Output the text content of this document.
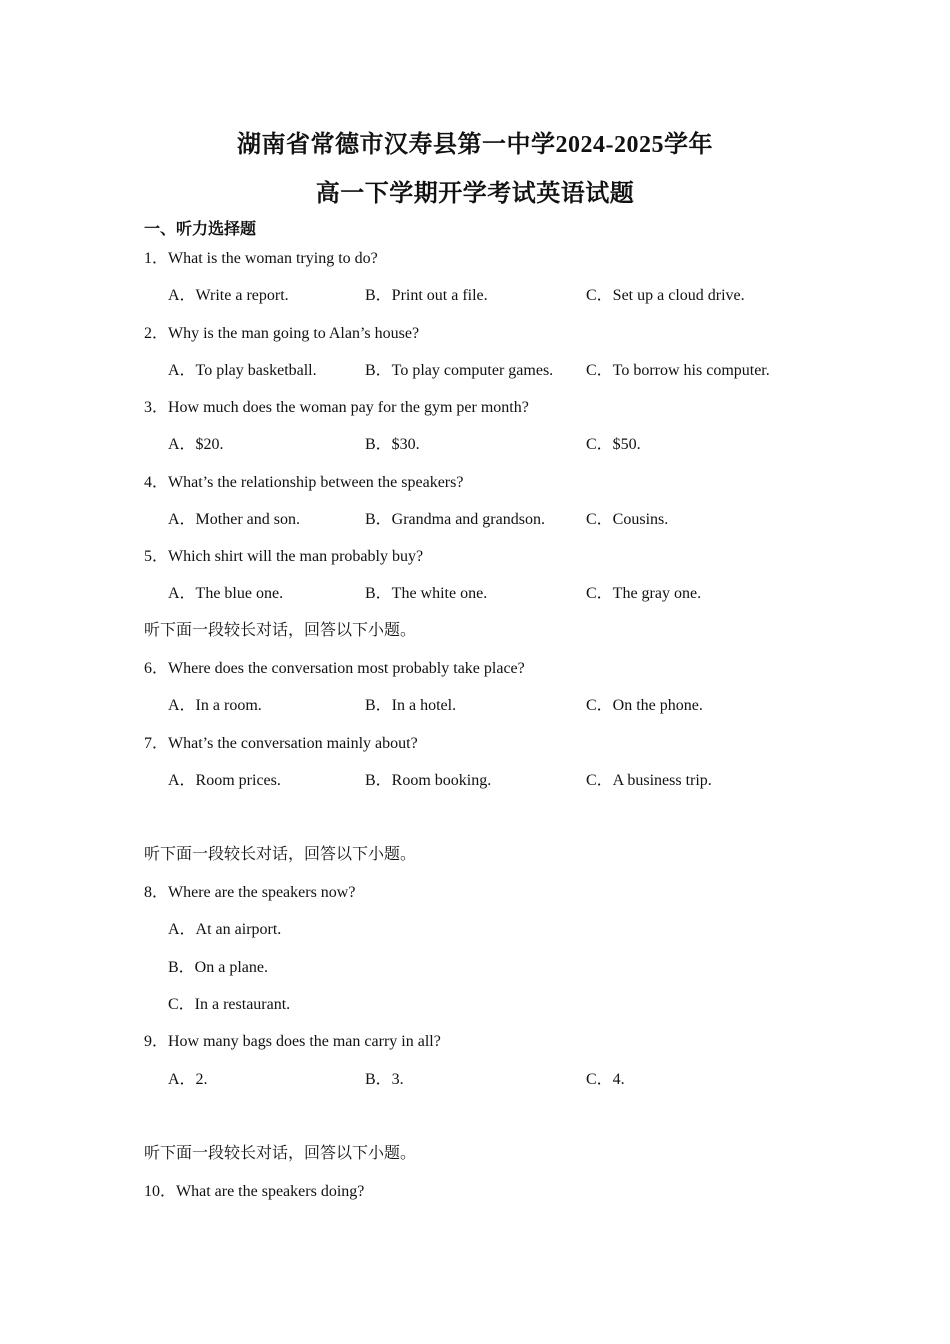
湖南省常德市汉寿县第一中学2024-2025学年
高一下学期开学考试英语试题
一、听力选择题
1．What is the woman trying to do?
A．Write a report.	B．Print out a file.	C．Set up a cloud drive.
2．Why is the man going to Alan’s house?
A．To play basketball.	B．To play computer games. C．To borrow his computer.
3．How much does the woman pay for the gym per month?
A．$20.	B．$30.	C．$50.
4．What’s the relationship between the speakers?
A．Mother and son.	B．Grandma and grandson.	C．Cousins.
5．Which shirt will the man probably buy?
A．The blue one.	B．The white one.	C．The gray one.
听下面一段较长对话，回答以下小题。
6．Where does the conversation most probably take place?
A．In a room.	B．In a hotel.	C．On the phone.
7．What’s the conversation mainly about?
A．Room prices.	B．Room booking.	C．A business trip.
听下面一段较长对话，回答以下小题。
8．Where are the speakers now?
A．At an airport.
B．On a plane.
C．In a restaurant.
9．How many bags does the man carry in all?
A．2.	B．3.	C．4.
听下面一段较长对话，回答以下小题。
10．What are the speakers doing?
